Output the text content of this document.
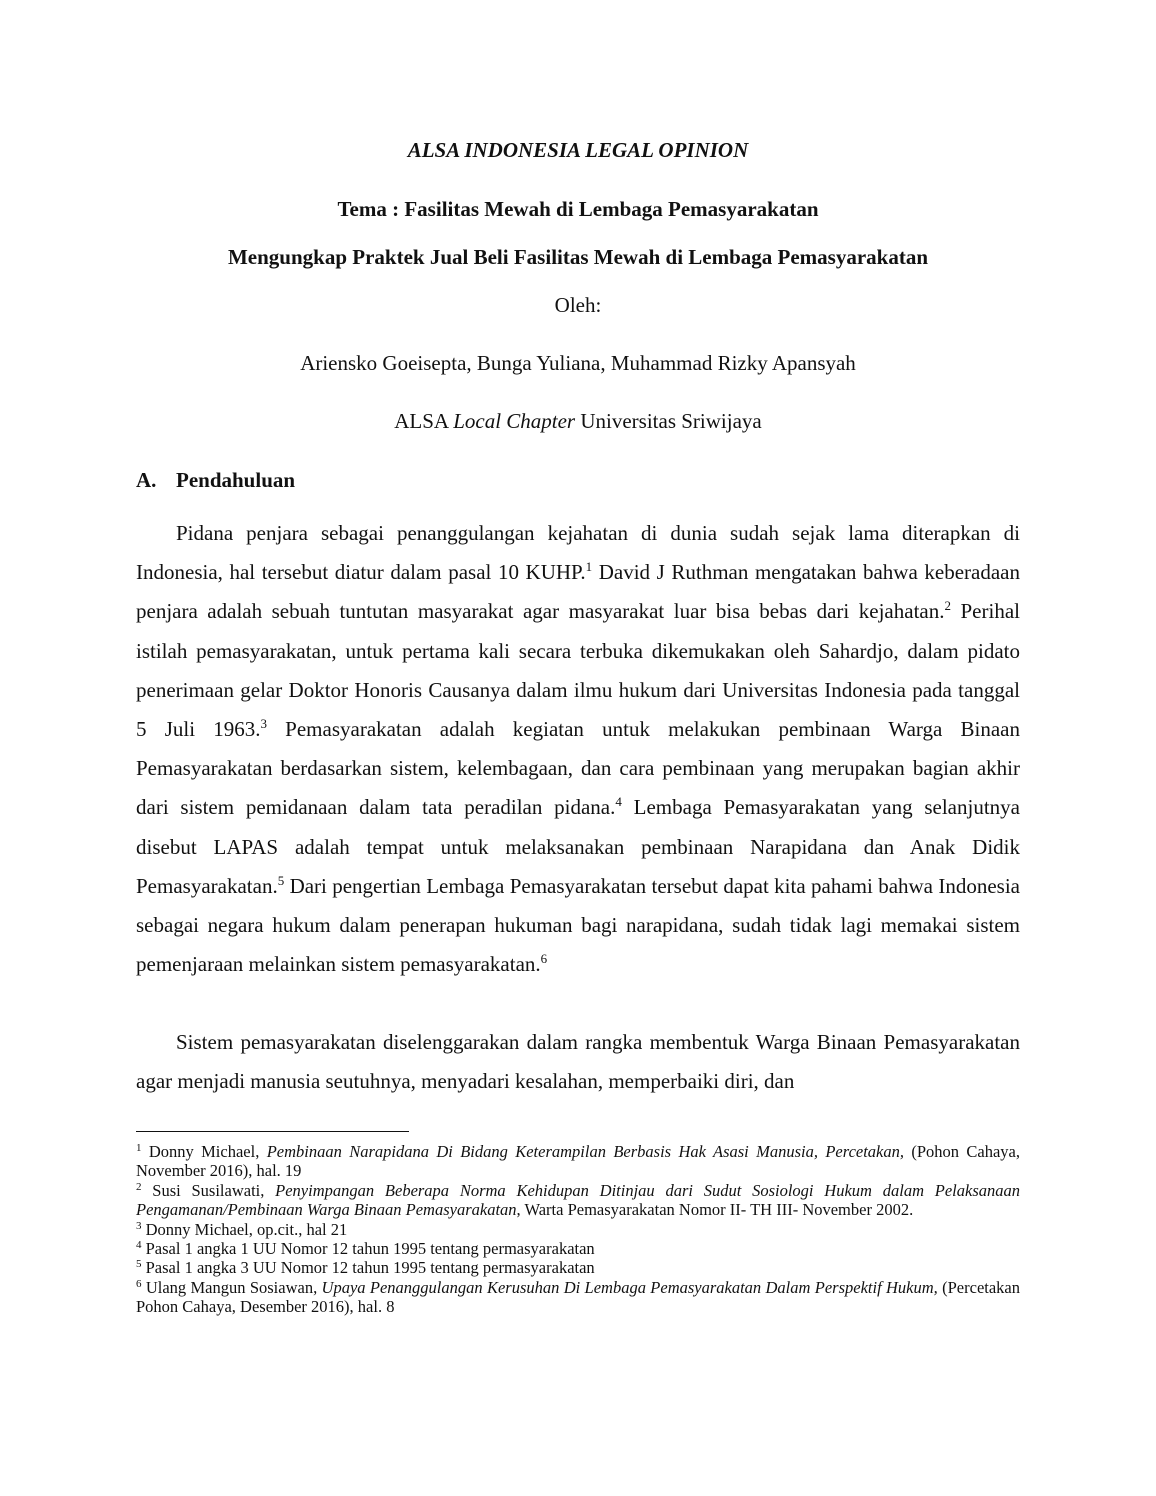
ALSA INDONESIA LEGAL OPINION
Tema : Fasilitas Mewah di Lembaga Pemasyarakatan
Mengungkap Praktek Jual Beli Fasilitas Mewah di Lembaga Pemasyarakatan
Oleh:
Ariensko Goeisepta, Bunga Yuliana, Muhammad Rizky Apansyah
ALSA Local Chapter Universitas Sriwijaya
A. Pendahuluan

Pidana penjara sebagai penanggulangan kejahatan di dunia sudah sejak lama diterapkan di Indonesia, hal tersebut diatur dalam pasal 10 KUHP.$^1$ David J Ruthman mengatakan bahwa keberadaan penjara adalah sebuah tuntutan masyarakat agar masyarakat luar bisa bebas dari kejahatan.$^2$ Perihal istilah pemasyarakatan, untuk pertama kali secara terbuka dikemukakan oleh Sahardjo, dalam pidato penerimaan gelar Doktor Honoris Causanya dalam ilmu hukum dari Universitas Indonesia pada tanggal 5 Juli 1963.$^3$ Pemasyarakatan adalah kegiatan untuk melakukan pembinaan Warga Binaan Pemasyarakatan berdasarkan sistem, kelembagaan, dan cara pembinaan yang merupakan bagian akhir dari sistem pemidanaan dalam tata peradilan pidana.$^4$ Lembaga Pemasyarakatan yang selanjutnya disebut LAPAS adalah tempat untuk melaksanakan pembinaan Narapidana dan Anak Didik Pemasyarakatan.$^5$ Dari pengertian Lembaga Pemasyarakatan tersebut dapat kita pahami bahwa Indonesia sebagai negara hukum dalam penerapan hukuman bagi narapidana, sudah tidak lagi memakai sistem pemenjaraan melainkan sistem pemasyarakatan.$^6$

Sistem pemasyarakatan diselenggarakan dalam rangka membentuk Warga Binaan Pemasyarakatan agar menjadi manusia seutuhnya, menyadari kesalahan, memperbaiki diri, dan

$^1$ Donny Michael, Pembinaan Narapidana Di Bidang Keterampilan Berbasis Hak Asasi Manusia, Percetakan, (Pohon Cahaya, November 2016), hal. 19

$^2$ Susi Susilawati, Penyimpangan Beberapa Norma Kehidupan Ditinjau dari Sudut Sosiologi Hukum dalam Pelaksanaan Pengamanan/Pembinaan Warga Binaan Pemasyarakatan, Warta Pemasyarakatan Nomor II- TH III- November 2002.

$^3$ Donny Michael, op.cit., hal 21

$^4$ Pasal 1 angka 1 UU Nomor 12 tahun 1995 tentang permasyarakatan

$^5$ Pasal 1 angka 3 UU Nomor 12 tahun 1995 tentang permasyarakatan

$^6$ Ulang Mangun Sosiawan, Upaya Penanggulangan Kerusuhan Di Lembaga Pemasyarakatan Dalam Perspektif Hukum, (Percetakan Pohon Cahaya, Desember 2016), hal. 8
